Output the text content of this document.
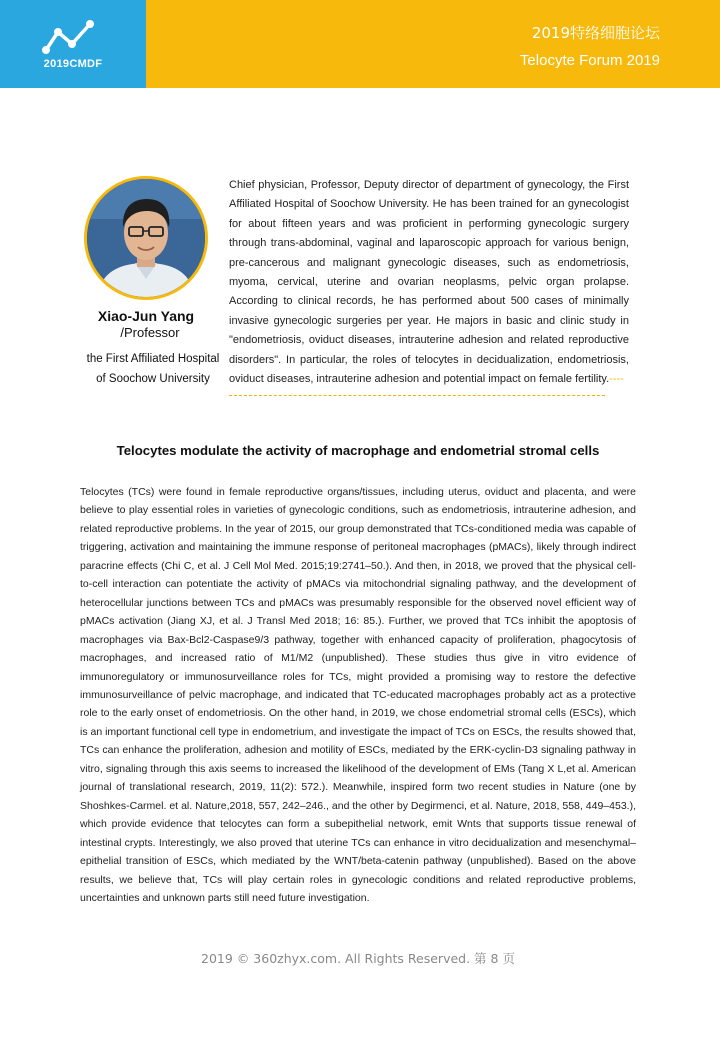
2019CMDF
2019特络细胞论坛
Telocyte Forum 2019
Xiao-Jun Yang
/Professor
the First Affiliated Hospital of Soochow University
Chief physician, Professor, Deputy director of department of gynecology, the First Affiliated Hospital of Soochow University. He has been trained for an gynecologist for about fifteen years and was proficient in performing gynecologic surgery through trans-abdominal, vaginal and laparoscopic approach for various benign, pre-cancerous and malignant gynecologic diseases, such as endometriosis, myoma, cervical, uterine and ovarian neoplasms, pelvic organ prolapse. According to clinical records, he has performed about 500 cases of minimally invasive gynecologic surgeries per year. He majors in basic and clinic study in "endometriosis, oviduct diseases, intrauterine adhesion and related reproductive disorders". In particular, the roles of telocytes in decidualization, endometriosis, oviduct diseases, intrauterine adhesion and potential impact on female fertility.----
Telocytes modulate the activity of macrophage and endometrial stromal cells
Telocytes (TCs) were found in female reproductive organs/tissues, including uterus, oviduct and placenta, and were believe to play essential roles in varieties of gynecologic conditions, such as endometriosis, intrauterine adhesion, and related reproductive problems. In the year of 2015, our group demonstrated that TCs-conditioned media was capable of triggering, activation and maintaining the immune response of peritoneal macrophages (pMACs), likely through indirect paracrine effects (Chi C, et al. J Cell Mol Med. 2015;19:2741–50.). And then, in 2018, we proved that the physical cell-to-cell interaction can potentiate the activity of pMACs via mitochondrial signaling pathway, and the development of heterocellular junctions between TCs and pMACs was presumably responsible for the observed novel efficient way of pMACs activation (Jiang XJ, et al. J Transl Med 2018; 16: 85.). Further, we proved that TCs inhibit the apoptosis of macrophages via Bax-Bcl2-Caspase9/3 pathway, together with enhanced capacity of proliferation, phagocytosis of macrophages, and increased ratio of M1/M2 (unpublished). These studies thus give in vitro evidence of immunoregulatory or immunosurveillance roles for TCs, might provided a promising way to restore the defective immunosurveillance of pelvic macrophage, and indicated that TC-educated macrophages probably act as a protective role to the early onset of endometriosis. On the other hand, in 2019, we chose endometrial stromal cells (ESCs), which is an important functional cell type in endometrium, and investigate the impact of TCs on ESCs, the results showed that, TCs can enhance the proliferation, adhesion and motility of ESCs, mediated by the ERK-cyclin-D3 signaling pathway in vitro, signaling through this axis seems to increased the likelihood of the development of EMs (Tang X L,et al. American journal of translational research, 2019, 11(2): 572.). Meanwhile, inspired form two recent studies in Nature (one by Shoshkes-Carmel. et al. Nature,2018, 557, 242–246., and the other by Degirmenci, et al. Nature, 2018, 558, 449–453.), which provide evidence that telocytes can form a subepithelial network, emit Wnts that supports tissue renewal of intestinal crypts. Interestingly, we also proved that uterine TCs can enhance in vitro decidualization and mesenchymal–epithelial transition of ESCs, which mediated by the WNT/beta-catenin pathway (unpublished). Based on the above results, we believe that, TCs will play certain roles in gynecologic conditions and related reproductive problems, uncertainties and unknown parts still need future investigation.
2019 © 360zhyx.com. All Rights Reserved. 第 8 页
